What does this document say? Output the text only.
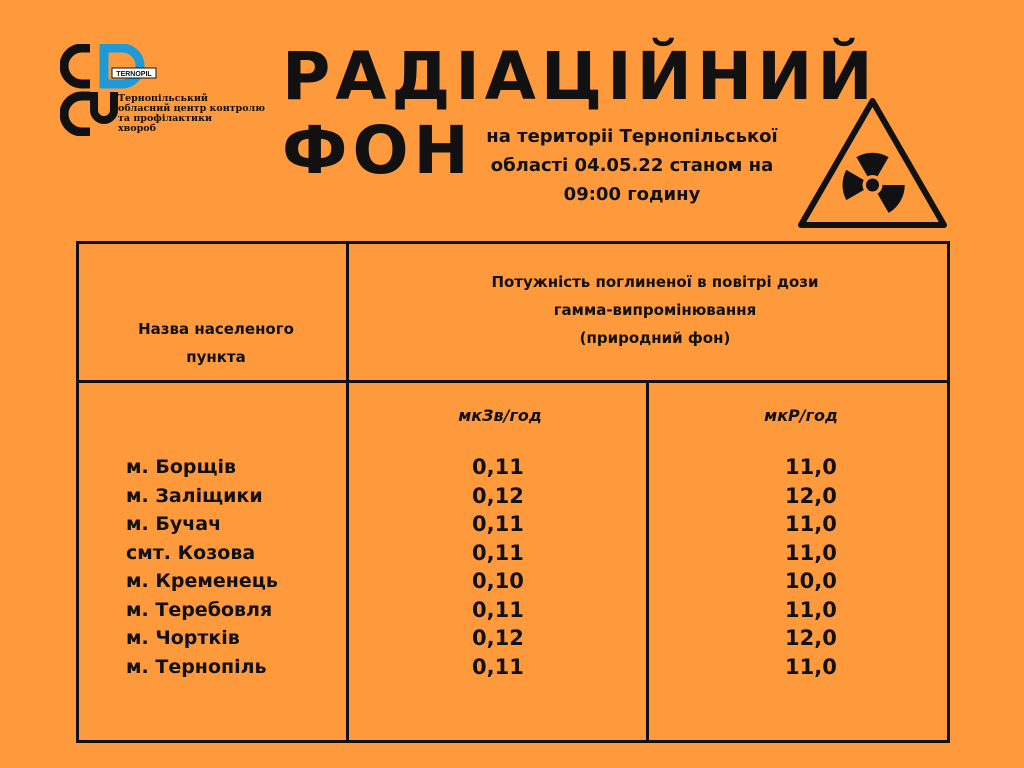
TERNOPIL
Тернопільський
обласний центр контролю
та профілактики
хвороб
РАДІАЦІЙНИЙ
ФОН на територіі Тернопільської
області 04.05.22 станом на
09:00 годину
Назва населеного
пункта
Потужність поглиненої в повітрі дози
гамма-випромінювання
(природний фон)
мкЗв/год	мкР/год
м. Борщів
м. Заліщики
м. Бучач
смт. Козова
м. Кременець
м. Теребовля
м. Чортків
м. Тернопіль
0,11
0,12
0,11
0,11
0,10
0,11
0,12
0,11
11,0
12,0
11,0
11,0
10,0
11,0
12,0
11,0
